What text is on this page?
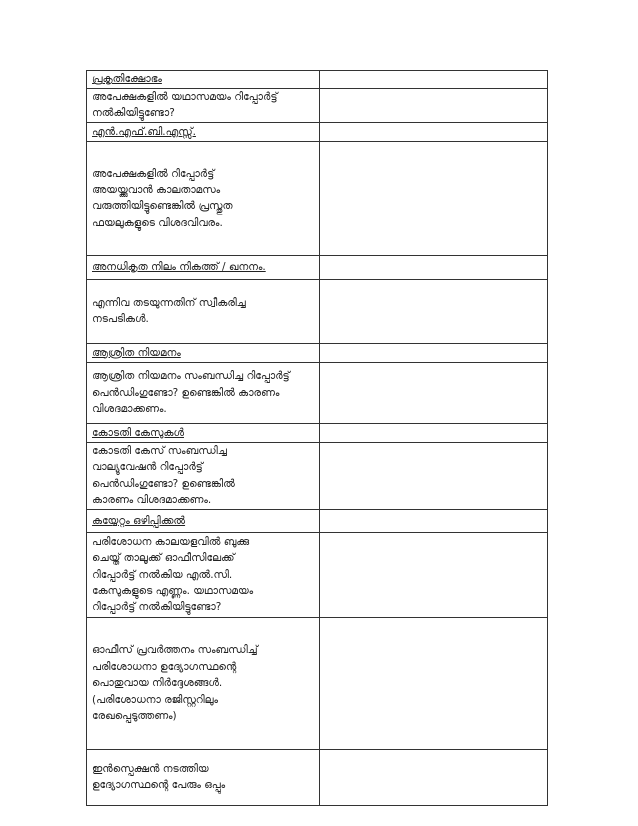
പ്രകൃതിക്ഷോഭം	

അപേക്ഷകളിൽ യഥാസമയം റിപ്പോർട്ട്
നൽകിയിട്ടുണ്ടോ?	

എൻ.എഫ്.ബി.എസ്സ്.	

അപേക്ഷകളിൽ റിപ്പോർട്ട്
അയയ്ക്കുവാൻ കാലതാമസം
വരുത്തിയിട്ടുണ്ടെങ്കിൽ പ്രസ്തുത
ഫയലുകളുടെ വിശദവിവരം.	

അനധികൃത നിലം നികത്ത് / ഖനനം.	

എന്നിവ തടയുന്നതിന് സ്വീകരിച്ച
നടപടികൾ.	

ആശ്രിത നിയമനം	

ആശ്രിത നിയമനം സംബന്ധിച്ച റിപ്പോർട്ട്
പെൻഡിംഗുണ്ടോ? ഉണ്ടെങ്കിൽ കാരണം
വിശദമാക്കണം.	

കോടതി കേസുകൾ	

കോടതി കേസ് സംബന്ധിച്ച
വാല്യുവേഷൻ റിപ്പോർട്ട്
പെൻഡിംഗുണ്ടോ? ഉണ്ടെങ്കിൽ
കാരണം വിശദമാക്കണം.	

കയ്യേറ്റം ഒഴിപ്പിക്കൽ	

പരിശോധന കാലയളവിൽ ബുക്കു
ചെയ്ത് താലൂക്ക് ഓഫീസിലേക്ക്
റിപ്പോർട്ട് നൽകിയ എൽ.സി.
കേസുകളുടെ എണ്ണം. യഥാസമയം
റിപ്പോർട്ട് നൽകിയിട്ടുണ്ടോ?	

ഓഫീസ് പ്രവർത്തനം സംബന്ധിച്ച്
പരിശോധനാ ഉദ്യോഗസ്ഥന്റെ
പൊതുവായ നിർദ്ദേശങ്ങൾ.
(പരിശോധനാ രജിസ്റ്ററിലും
രേഖപ്പെടുത്തണം)	

ഇൻസ്പെക്ഷൻ നടത്തിയ
ഉദ്യോഗസ്ഥന്റെ പേരും ഒപ്പും	
